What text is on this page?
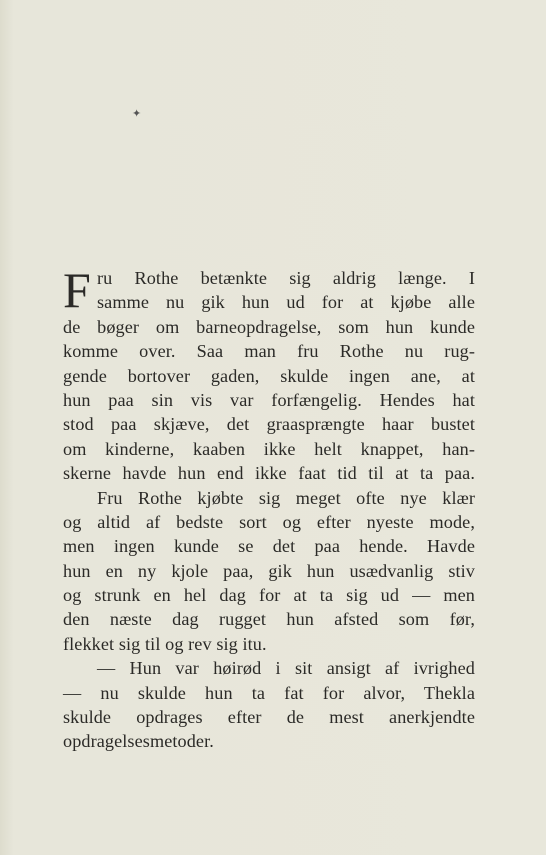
✦
F ru Rothe betænkte sig aldrig længe. I
samme nu gik hun ud for at kjøbe alle
de bøger om barneopdragelse, som hun kunde
komme over. Saa man fru Rothe nu rug-
gende bortover gaden, skulde ingen ane, at
hun paa sin vis var forfængelig. Hendes hat
stod paa skjæve, det graasprængte haar bustet
om kinderne, kaaben ikke helt knappet, han-
skerne havde hun end ikke faat tid til at ta paa.
Fru Rothe kjøbte sig meget ofte nye klær
og altid af bedste sort og efter nyeste mode,
men ingen kunde se det paa hende. Havde
hun en ny kjole paa, gik hun usædvanlig stiv
og strunk en hel dag for at ta sig ud — men
den næste dag rugget hun afsted som før,
flekket sig til og rev sig itu.
— Hun var høirød i sit ansigt af ivrighed
— nu skulde hun ta fat for alvor, Thekla
skulde opdrages efter de mest anerkjendte
opdragelsesmetoder.
